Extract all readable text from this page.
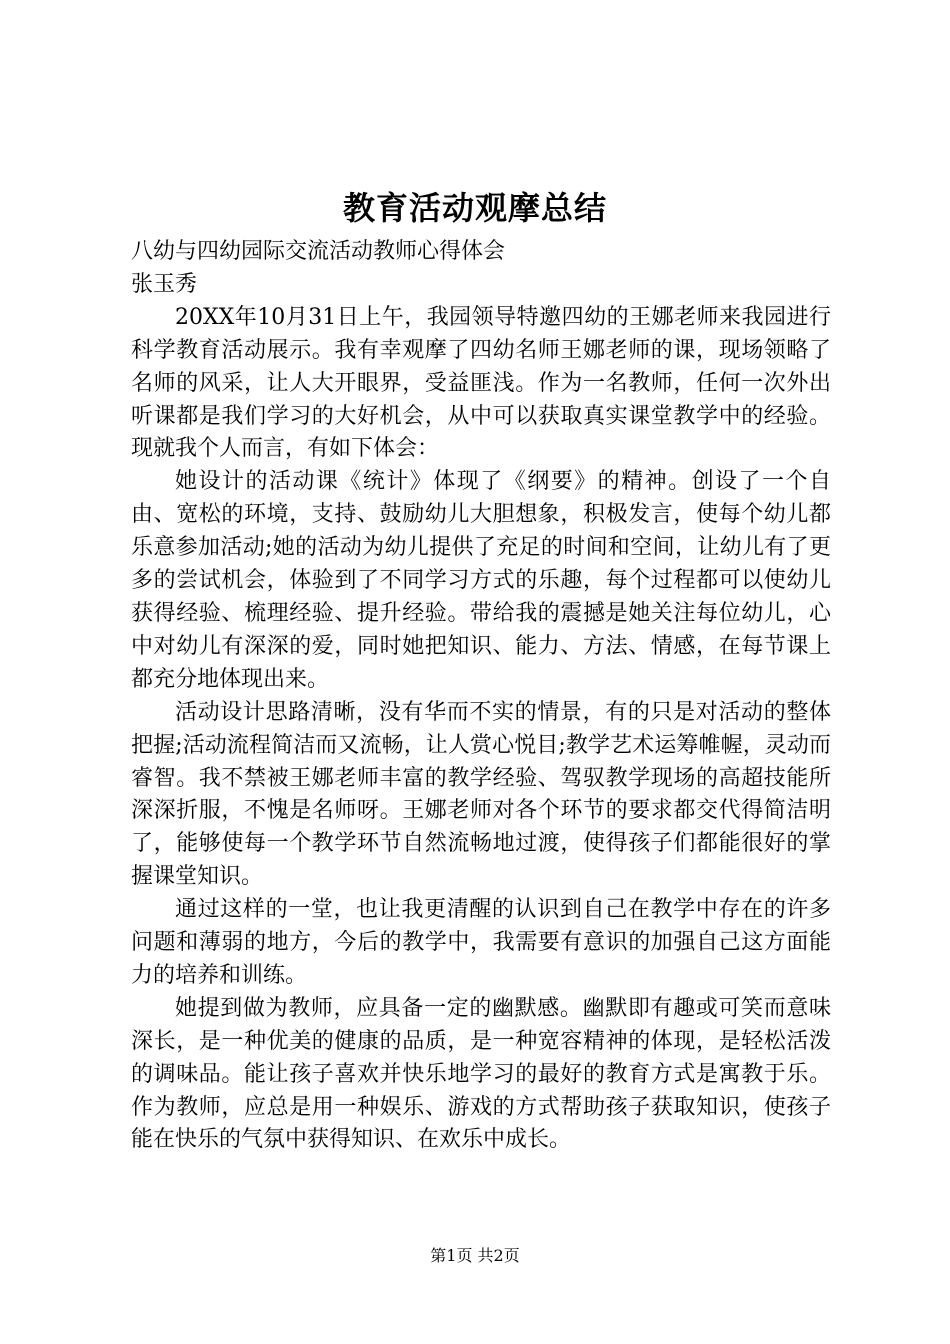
教育活动观摩总结

八幼与四幼园际交流活动教师心得体会

张玉秀

20XX年10月31日上午，我园领导特邀四幼的王娜老师来我园进行科学教育活动展示。我有幸观摩了四幼名师王娜老师的课，现场领略了名师的风采，让人大开眼界，受益匪浅。作为一名教师，任何一次外出听课都是我们学习的大好机会，从中可以获取真实课堂教学中的经验。现就我个人而言，有如下体会：

她设计的活动课《统计》体现了《纲要》的精神。创设了一个自由、宽松的环境，支持、鼓励幼儿大胆想象，积极发言，使每个幼儿都乐意参加活动;她的活动为幼儿提供了充足的时间和空间，让幼儿有了更多的尝试机会，体验到了不同学习方式的乐趣，每个过程都可以使幼儿获得经验、梳理经验、提升经验。带给我的震撼是她关注每位幼儿，心中对幼儿有深深的爱，同时她把知识、能力、方法、情感，在每节课上都充分地体现出来。

活动设计思路清晰，没有华而不实的情景，有的只是对活动的整体把握;活动流程简洁而又流畅，让人赏心悦目;教学艺术运筹帷幄，灵动而睿智。我不禁被王娜老师丰富的教学经验、驾驭教学现场的高超技能所深深折服，不愧是名师呀。王娜老师对各个环节的要求都交代得简洁明了，能够使每一个教学环节自然流畅地过渡，使得孩子们都能很好的掌握课堂知识。

通过这样的一堂，也让我更清醒的认识到自己在教学中存在的许多问题和薄弱的地方，今后的教学中，我需要有意识的加强自己这方面能力的培养和训练。

她提到做为教师，应具备一定的幽默感。幽默即有趣或可笑而意味深长，是一种优美的健康的品质，是一种宽容精神的体现，是轻松活泼的调味品。能让孩子喜欢并快乐地学习的最好的教育方式是寓教于乐。作为教师，应总是用一种娱乐、游戏的方式帮助孩子获取知识，使孩子能在快乐的气氛中获得知识、在欢乐中成长。

第1页 共2页
